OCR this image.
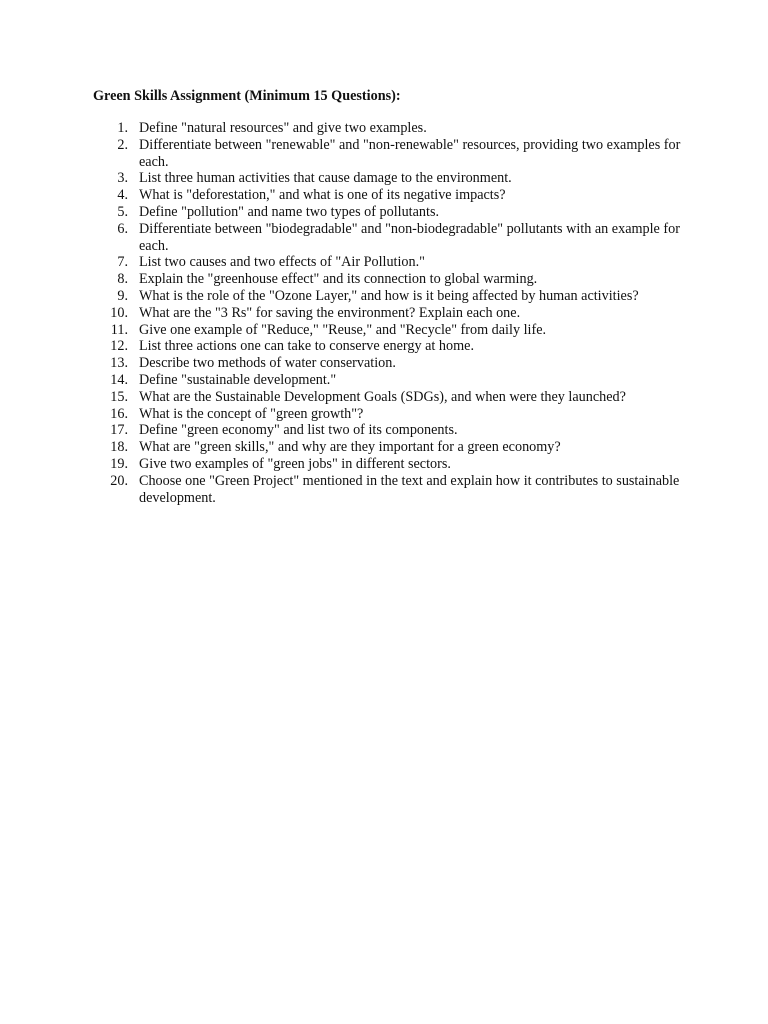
Green Skills Assignment (Minimum 15 Questions):
1. Define "natural resources" and give two examples.
2. Differentiate between "renewable" and "non-renewable" resources, providing two examples for each.
3. List three human activities that cause damage to the environment.
4. What is "deforestation," and what is one of its negative impacts?
5. Define "pollution" and name two types of pollutants.
6. Differentiate between "biodegradable" and "non-biodegradable" pollutants with an example for each.
7. List two causes and two effects of "Air Pollution."
8. Explain the "greenhouse effect" and its connection to global warming.
9. What is the role of the "Ozone Layer," and how is it being affected by human activities?
10. What are the "3 Rs" for saving the environment? Explain each one.
11. Give one example of "Reduce," "Reuse," and "Recycle" from daily life.
12. List three actions one can take to conserve energy at home.
13. Describe two methods of water conservation.
14. Define "sustainable development."
15. What are the Sustainable Development Goals (SDGs), and when were they launched?
16. What is the concept of "green growth"?
17. Define "green economy" and list two of its components.
18. What are "green skills," and why are they important for a green economy?
19. Give two examples of "green jobs" in different sectors.
20. Choose one "Green Project" mentioned in the text and explain how it contributes to sustainable development.
